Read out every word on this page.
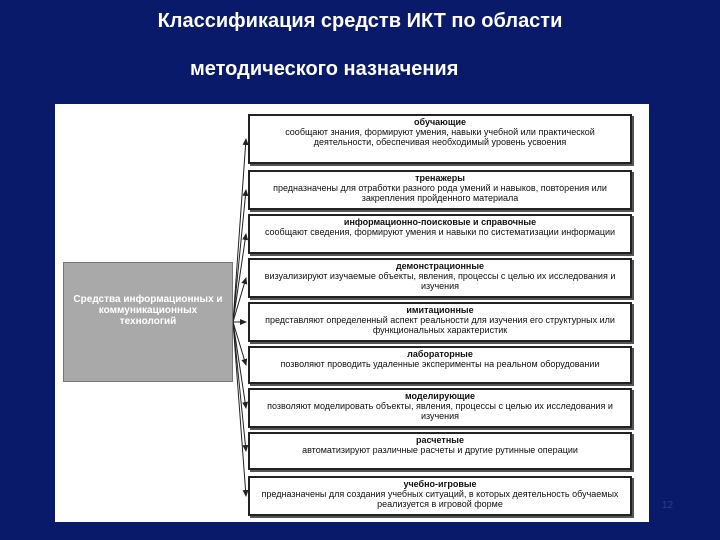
Классификация средств ИКТ по области
методического назначения
Средства информационных и коммуникационных технологий
обучающие
сообщают знания, формируют умения, навыки учебной или практической деятельности, обеспечивая необходимый уровень усвоения
тренажеры
предназначены для отработки разного рода умений и навыков, повторения или закрепления пройденного материала
информационно-поисковые и справочные
сообщают сведения, формируют умения и навыки по систематизации информации
демонстрационные
визуализируют изучаемые объекты, явления, процессы с целью их исследования и изучения
имитационные
представляют определенный аспект реальности для изучения его структурных или функциональных характеристик
лабораторные
позволяют проводить удаленные эксперименты на реальном оборудовании
моделирующие
позволяют моделировать объекты, явления, процессы с целью их исследования и изучения
расчетные
автоматизируют различные расчеты и другие рутинные операции
учебно-игровые
предназначены для создания учебных ситуаций, в которых деятельность обучаемых реализуется в игровой форме	12
